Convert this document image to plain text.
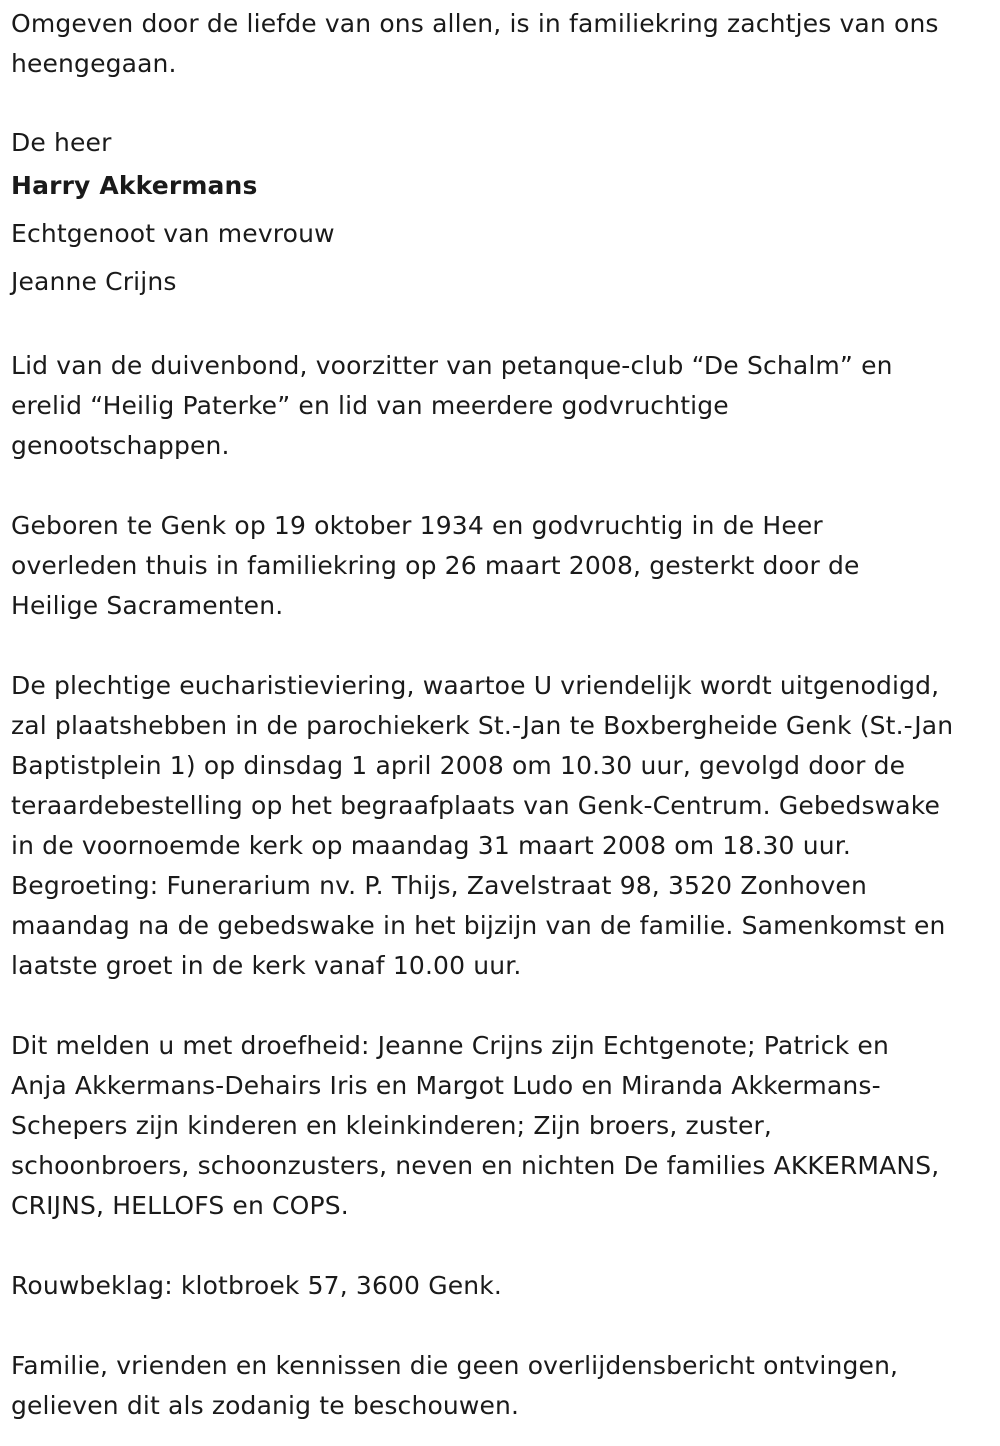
Omgeven door de liefde van ons allen, is in familiekring zachtjes van ons
heengegaan.
De heer
Harry Akkermans
Echtgenoot van mevrouw
Jeanne Crijns
Lid van de duivenbond, voorzitter van petanque-club “De Schalm” en
erelid “Heilig Paterke” en lid van meerdere godvruchtige
genootschappen.
Geboren te Genk op 19 oktober 1934 en godvruchtig in de Heer
overleden thuis in familiekring op 26 maart 2008, gesterkt door de
Heilige Sacramenten.
De plechtige eucharistieviering, waartoe U vriendelijk wordt uitgenodigd,
zal plaatshebben in de parochiekerk St.-Jan te Boxbergheide Genk (St.-Jan
Baptistplein 1) op dinsdag 1 april 2008 om 10.30 uur, gevolgd door de
teraardebestelling op het begraafplaats van Genk-Centrum. Gebedswake
in de voornoemde kerk op maandag 31 maart 2008 om 18.30 uur.
Begroeting: Funerarium nv. P. Thijs, Zavelstraat 98, 3520 Zonhoven
maandag na de gebedswake in het bijzijn van de familie. Samenkomst en
laatste groet in de kerk vanaf 10.00 uur.
Dit melden u met droefheid: Jeanne Crijns zijn Echtgenote; Patrick en
Anja Akkermans-Dehairs Iris en Margot Ludo en Miranda Akkermans-
Schepers zijn kinderen en kleinkinderen; Zijn broers, zuster,
schoonbroers, schoonzusters, neven en nichten De families AKKERMANS,
CRIJNS, HELLOFS en COPS.
Rouwbeklag: klotbroek 57, 3600 Genk.
Familie, vrienden en kennissen die geen overlijdensbericht ontvingen,
gelieven dit als zodanig te beschouwen.
